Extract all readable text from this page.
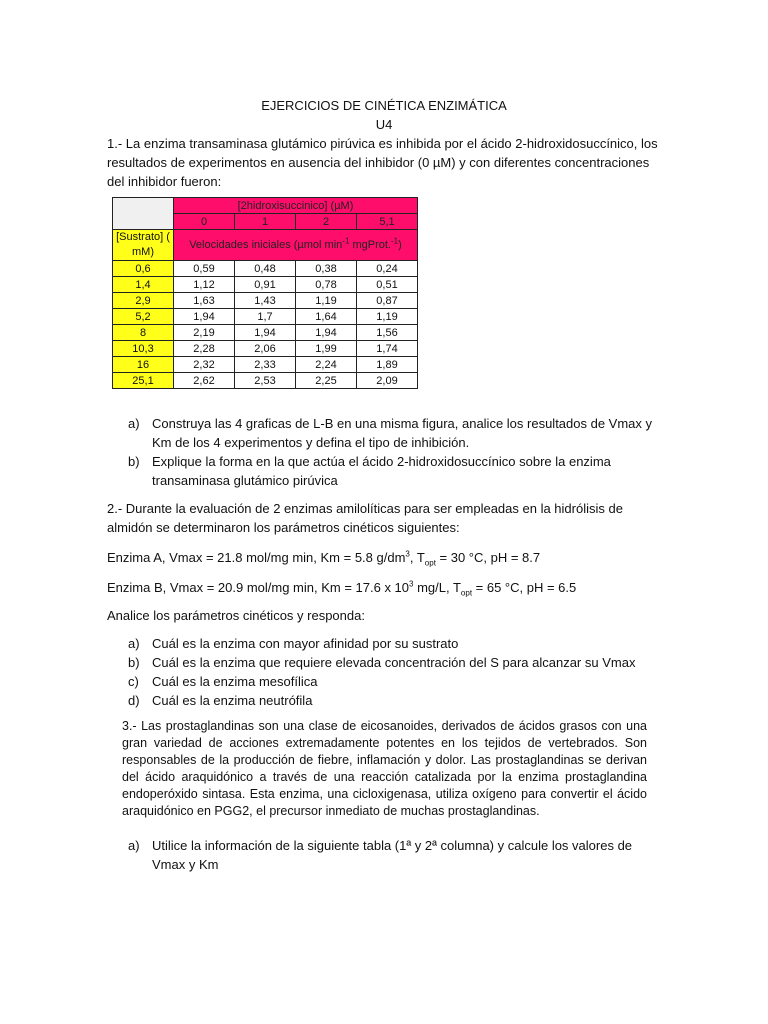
EJERCICIOS DE CINÉTICA ENZIMÁTICA
U4
1.- La enzima transaminasa glutámico pirúvica es inhibida por el ácido 2-hidroxidosuccínico, los resultados de experimentos en ausencia del inhibidor (0 µM) y con diferentes concentraciones del inhibidor fueron:
	[2hidroxisuccinico] (µM)			
	0	1	2	5,1
[Sustrato] ( mM)	Velocidades iniciales (µmol $\min^{-1}$ mgProt.$^{-1}$)			
0,6	0,59	0,48	0,38	0,24
1,4	1,12	0,91	0,78	0,51
2,9	1,63	1,43	1,19	0,87
5,2	1,94	1,7	1,64	1,19
8	2,19	1,94	1,94	1,56
10,3	2,28	2,06	1,99	1,74
16	2,32	2,33	2,24	1,89
25,1	2,62	2,53	2,25	2,09
a) Construya las 4 graficas de L-B en una misma figura, analice los resultados de Vmax y Km de los 4 experimentos y defina el tipo de inhibición.
b) Explique la forma en la que actúa el ácido 2-hidroxidosuccínico sobre la enzima transaminasa glutámico pirúvica
2.- Durante la evaluación de 2 enzimas amilolíticas para ser empleadas en la hidrólisis de almidón se determinaron los parámetros cinéticos siguientes:
Enzima A, Vmax = 21.8 mol/mg min, Km = 5.8 $g/dm^3$, $T_{opt} = 30$ °C, pH = 8.7
Enzima B, Vmax = 20.9 mol/mg min, Km = 17.6 x $10^3$ mg/L, $T_{opt} = 65$ °C, pH = 6.5
Analice los parámetros cinéticos y responda:
a) Cuál es la enzima con mayor afinidad por su sustrato
b) Cuál es la enzima que requiere elevada concentración del S para alcanzar su Vmax
c) Cuál es la enzima mesofílica
d) Cuál es la enzima neutrófila
3.- Las prostaglandinas son una clase de eicosanoides, derivados de ácidos grasos con una gran variedad de acciones extremadamente potentes en los tejidos de vertebrados. Son responsables de la producción de fiebre, inflamación y dolor. Las prostaglandinas se derivan del ácido araquidónico a través de una reacción catalizada por la enzima prostaglandina endoperóxido sintasa. Esta enzima, una cicloxigenasa, utiliza oxígeno para convertir el ácido araquidónico en PGG2, el precursor inmediato de muchas prostaglandinas.
a) Utilice la información de la siguiente tabla (1ª y 2ª columna) y calcule los valores de Vmax y Km
